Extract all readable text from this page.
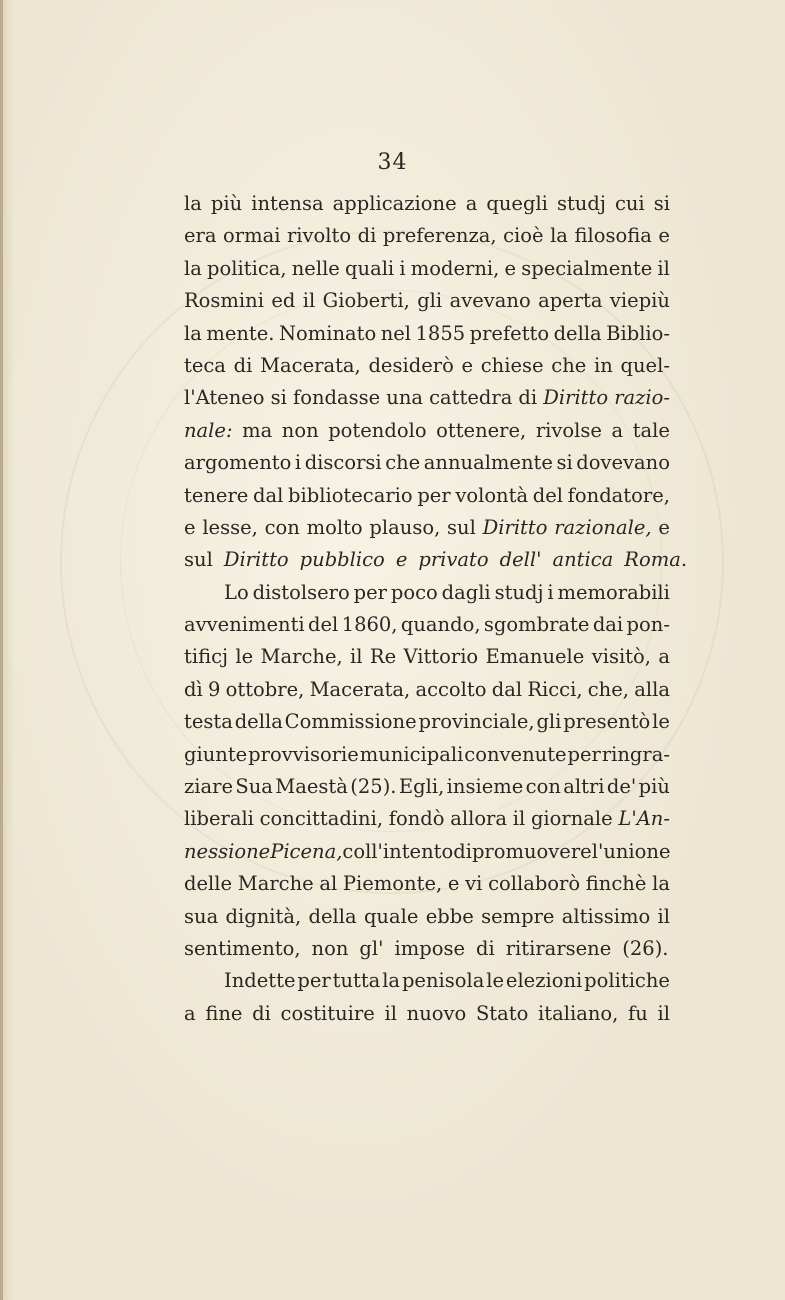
34
la più intensa applicazione a quegli studj cui si
era ormai rivolto di preferenza, cioè la filosofia e
la politica, nelle quali i moderni, e specialmente il
Rosmini ed il Gioberti, gli avevano aperta viepiù
la mente. Nominato nel 1855 prefetto della Biblio-
teca di Macerata, desiderò e chiese che in quel-
l'Ateneo si fondasse una cattedra di Diritto razio-
nale: ma non potendolo ottenere, rivolse a tale
argomento i discorsi che annualmente si dovevano
tenere dal bibliotecario per volontà del fondatore,
e lesse, con molto plauso, sul Diritto razionale, e
sul Diritto pubblico e privato dell' antica Roma.
Lo distolsero per poco dagli studj i memorabili
avvenimenti del 1860, quando, sgombrate dai pon-
tificj le Marche, il Re Vittorio Emanuele visitò, a
dì 9 ottobre, Macerata, accolto dal Ricci, che, alla
testa della Commissione provinciale, gli presentò le
giunte provvisorie municipali convenute per ringra-
ziare Sua Maestà (25). Egli, insieme con altri de' più
liberali concittadini, fondò allora il giornale L'An-
nessione Picena, coll'intento di promuovere l'unione
delle Marche al Piemonte, e vi collaborò finchè la
sua dignità, della quale ebbe sempre altissimo il
sentimento, non gl' impose di ritirarsene (26).
Indette per tutta la penisola le elezioni politiche
a fine di costituire il nuovo Stato italiano, fu il
